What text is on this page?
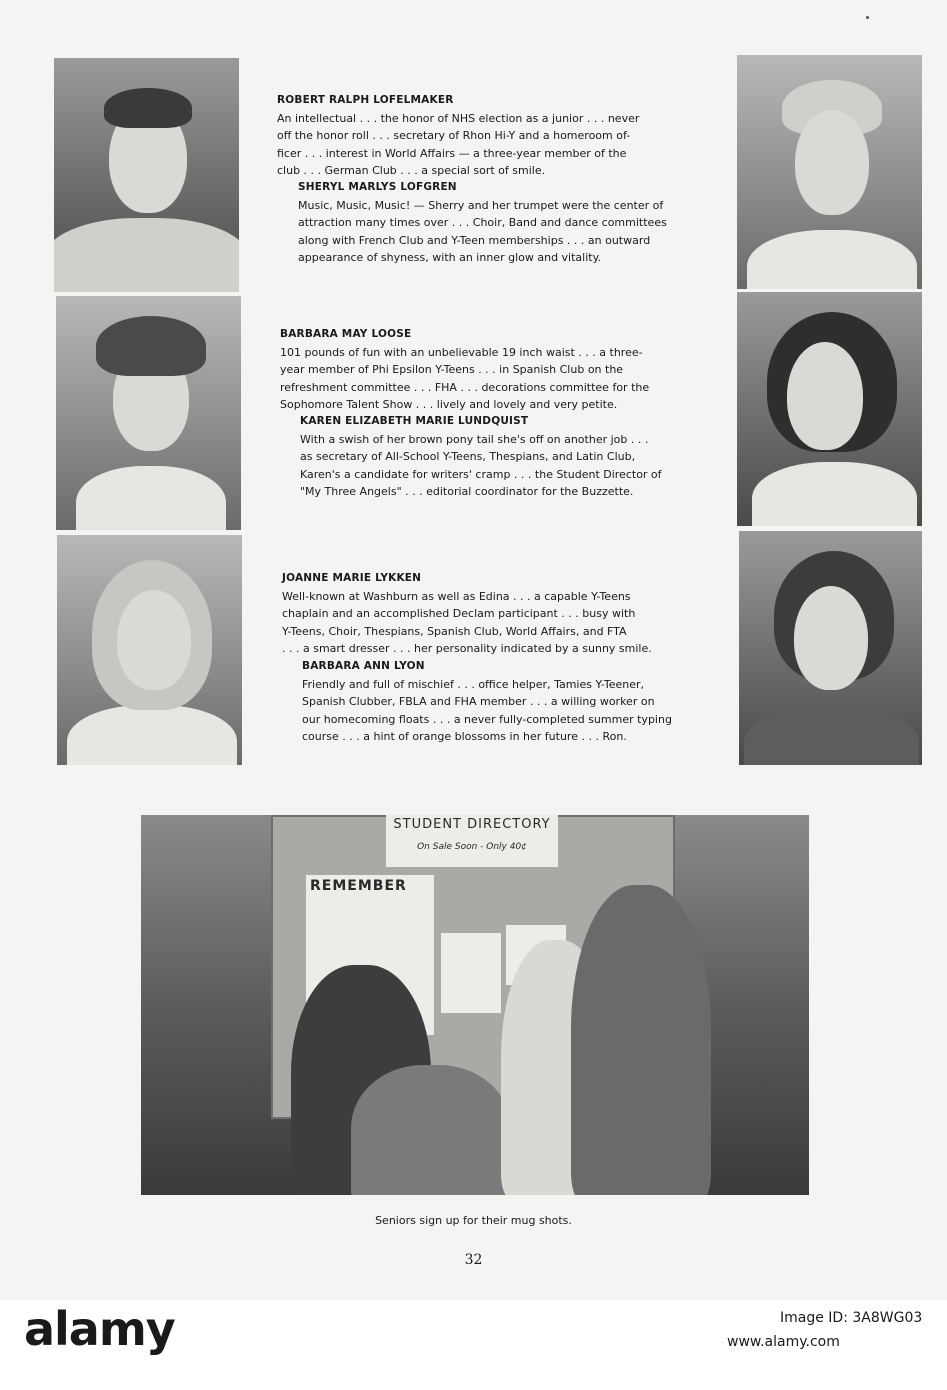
ROBERT RALPH LOFELMAKER
An intellectual . . . the honor of NHS election as a junior . . . never
off the honor roll . . . secretary of Rhon Hi-Y and a homeroom of-
ficer . . . interest in World Affairs — a three-year member of the
club . . . German Club . . . a special sort of smile.
SHERYL MARLYS LOFGREN
Music, Music, Music! — Sherry and her trumpet were the center of
attraction many times over . . . Choir, Band and dance committees
along with French Club and Y-Teen memberships . . . an outward
appearance of shyness, with an inner glow and vitality.
BARBARA MAY LOOSE
101 pounds of fun with an unbelievable 19 inch waist . . . a three-
year member of Phi Epsilon Y-Teens . . . in Spanish Club on the
refreshment committee . . . FHA . . . decorations committee for the
Sophomore Talent Show . . . lively and lovely and very petite.
KAREN ELIZABETH MARIE LUNDQUIST
With a swish of her brown pony tail she's off on another job . . .
as secretary of All-School Y-Teens, Thespians, and Latin Club,
Karen's a candidate for writers' cramp . . . the Student Director of
"My Three Angels" . . . editorial coordinator for the Buzzette.
JOANNE MARIE LYKKEN
Well-known at Washburn as well as Edina . . . a capable Y-Teens
chaplain and an accomplished Declam participant . . . busy with
Y-Teens, Choir, Thespians, Spanish Club, World Affairs, and FTA
. . . a smart dresser . . . her personality indicated by a sunny smile.
BARBARA ANN LYON
Friendly and full of mischief . . . office helper, Tamies Y-Teener,
Spanish Clubber, FBLA and FHA member . . . a willing worker on
our homecoming floats . . . a never fully-completed summer typing
course . . . a hint of orange blossoms in her future . . . Ron.
STUDENT DIRECTORY
On Sale Soon - Only 40¢
REMEMBER
Seniors sign up for their mug shots.
32
alamy	Image ID: 3A8WG03
www.alamy.com
